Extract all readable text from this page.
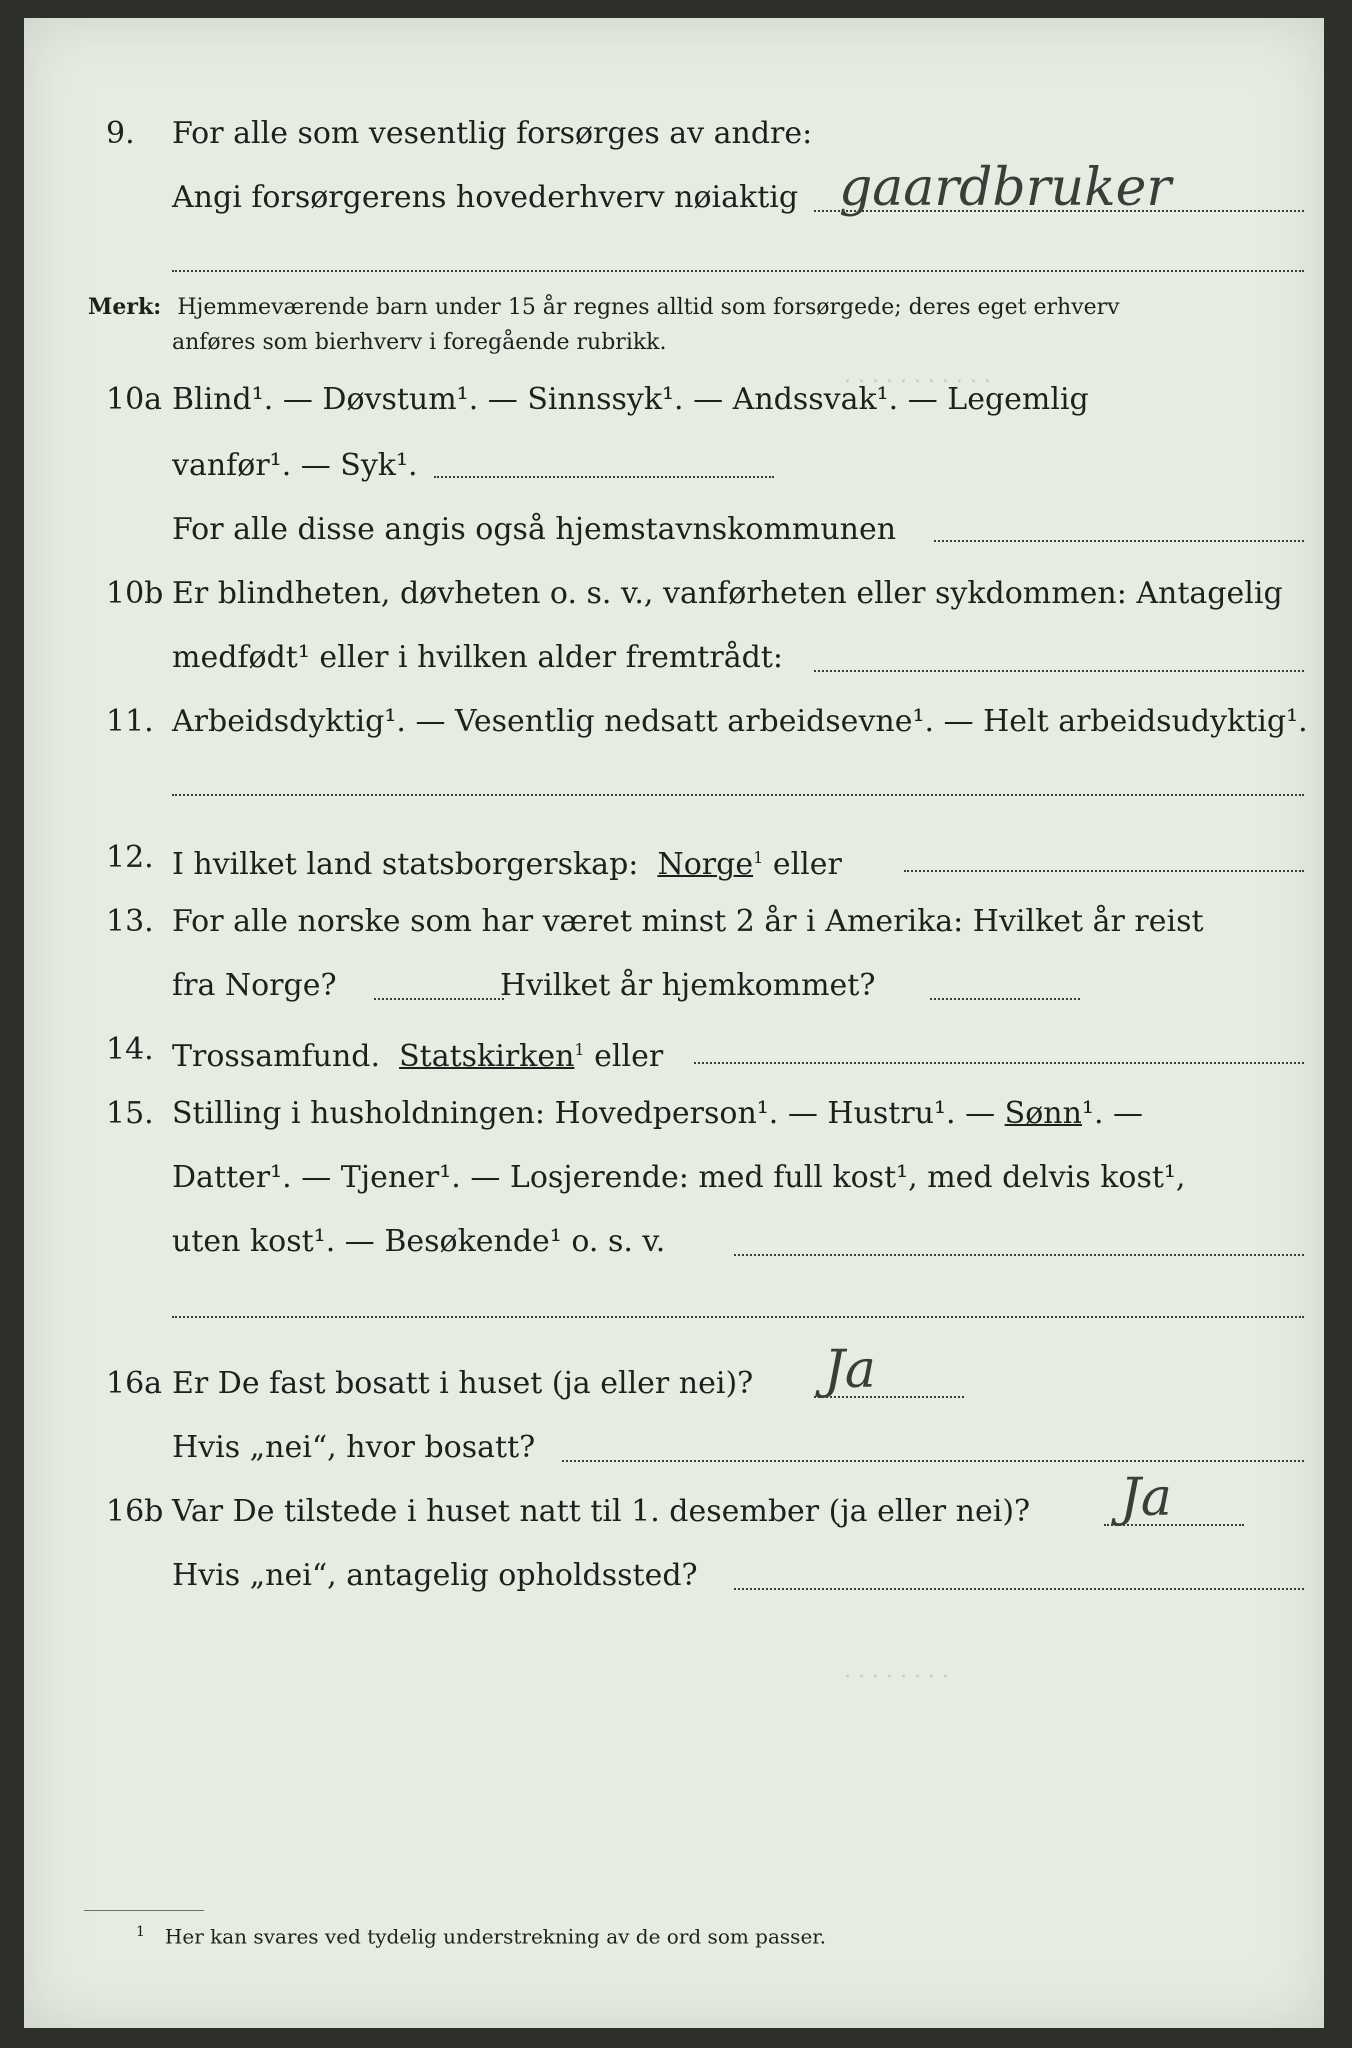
. . . . . . . . . . .
. . . . . . . .
9. For alle som vesentlig forsørges av andre:
Angi forsørgerens hovederhverv nøiaktig gaardbruker
Merk: Hjemmeværende barn under 15 år regnes alltid som forsørgede; deres eget erhverv
anføres som bierhverv i foregående rubrikk.
10a Blind¹. — Døvstum¹. — Sinnssyk¹. — Andssvak¹. — Legemlig
vanfør¹. — Syk¹.
For alle disse angis også hjemstavnskommunen
10b Er blindheten, døvheten o. s. v., vanførheten eller sykdommen: Antagelig
medfødt¹ eller i hvilken alder fremtrådt:
11. Arbeidsdyktig¹. — Vesentlig nedsatt arbeidsevne¹. — Helt arbeidsudyktig¹.
12. I hvilket land statsborgerskap: Norge$^1$ eller
13. For alle norske som har været minst 2 år i Amerika: Hvilket år reist
fra Norge?	Hvilket år hjemkommet?
14. Trossamfund. Statskirken$^1$ eller
15. Stilling i husholdningen: Hovedperson¹. — Hustru¹. — Sønn¹. —
Datter¹. — Tjener¹. — Losjerende: med full kost¹, med delvis kost¹,
uten kost¹. — Besøkende¹ o. s. v.
16a Er De fast bosatt i huset (ja eller nei)? Ja
Hvis „nei“, hvor bosatt?
16b Var De tilstede i huset natt til 1. desember (ja eller nei)? Ja
Hvis „nei“, antagelig opholdssted?
$^1$ Her kan svares ved tydelig understrekning av de ord som passer.
